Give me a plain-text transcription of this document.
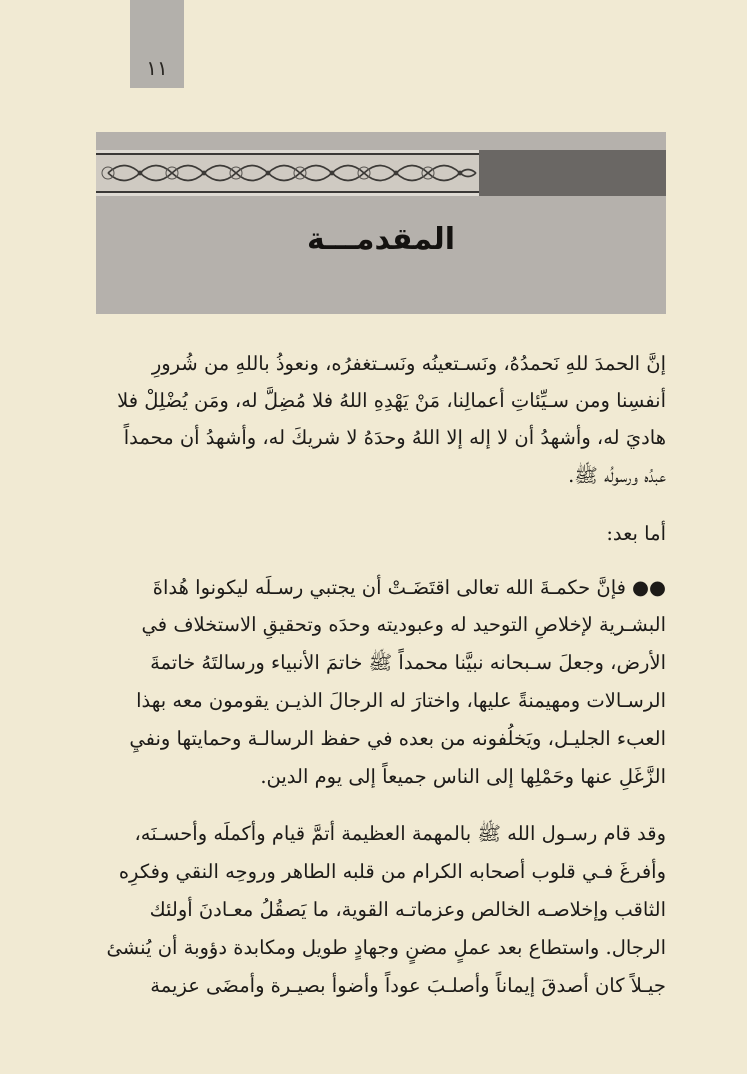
١١
المقدمـــة
إنَّ الحمدَ للهِ نَحمدُهُ، ونَسـتعينُه ونَسـتغفرُه، ونعوذُ باللهِ من شُرورِ
أنفسِنا ومن سـيِّئاتِ أعمالِنا، مَنْ يَهْدِهِ اللهُ فلا مُضِلَّ له، ومَن يُضْلِلْ فلا
هاديَ له، وأشهدُ أن لا إله إلا اللهُ وحدَهُ لا شريكَ له، وأشهدُ أن محمداً
عبدُه ورسولُه ﷺ.
أما بعد:
●●فإنَّ حكمـةَ الله تعالى اقتَضَـتْ أن يجتبي رسـلَه ليكونوا هُداةَ
البشـرية لإخلاصِ التوحيد له وعبوديته وحدَه وتحقيقِ الاستخلاف في
الأرض، وجعلَ سـبحانه نبيَّنا محمداً ﷺ خاتمَ الأنبياء ورسالتَهُ خاتمةَ
الرسـالات ومهيمنةً عليها، واختارَ له الرجالَ الذيـن يقومون معه بهذا
العبء الجليـل، ويَخلُفونه من بعده في حفظ الرسالـة وحمايتها ونفيِ
الزَّغَلِ عنها وحَمْلِها إلى الناس جميعاً إلى يوم الدين.
وقد قام رسـول الله ﷺ بالمهمة العظيمة أتمَّ قيام وأكملَه وأحسـنَه،
وأفرغَ فـي قلوب أصحابه الكرام من قلبه الطاهر وروحِه النقي وفكرِه
الثاقب وإخلاصـه الخالص وعزماتـه القوية، ما يَصقُلُ معـادنَ أولئك
الرجال. واستطاع بعد عملٍ مضنٍ وجهادٍ طويل ومكابدة دؤوبة أن يُنشئ
جيـلاً كان أصدقَ إيماناً وأصلـبَ عوداً وأضوأ بصيـرة وأمضَى عزيمة
